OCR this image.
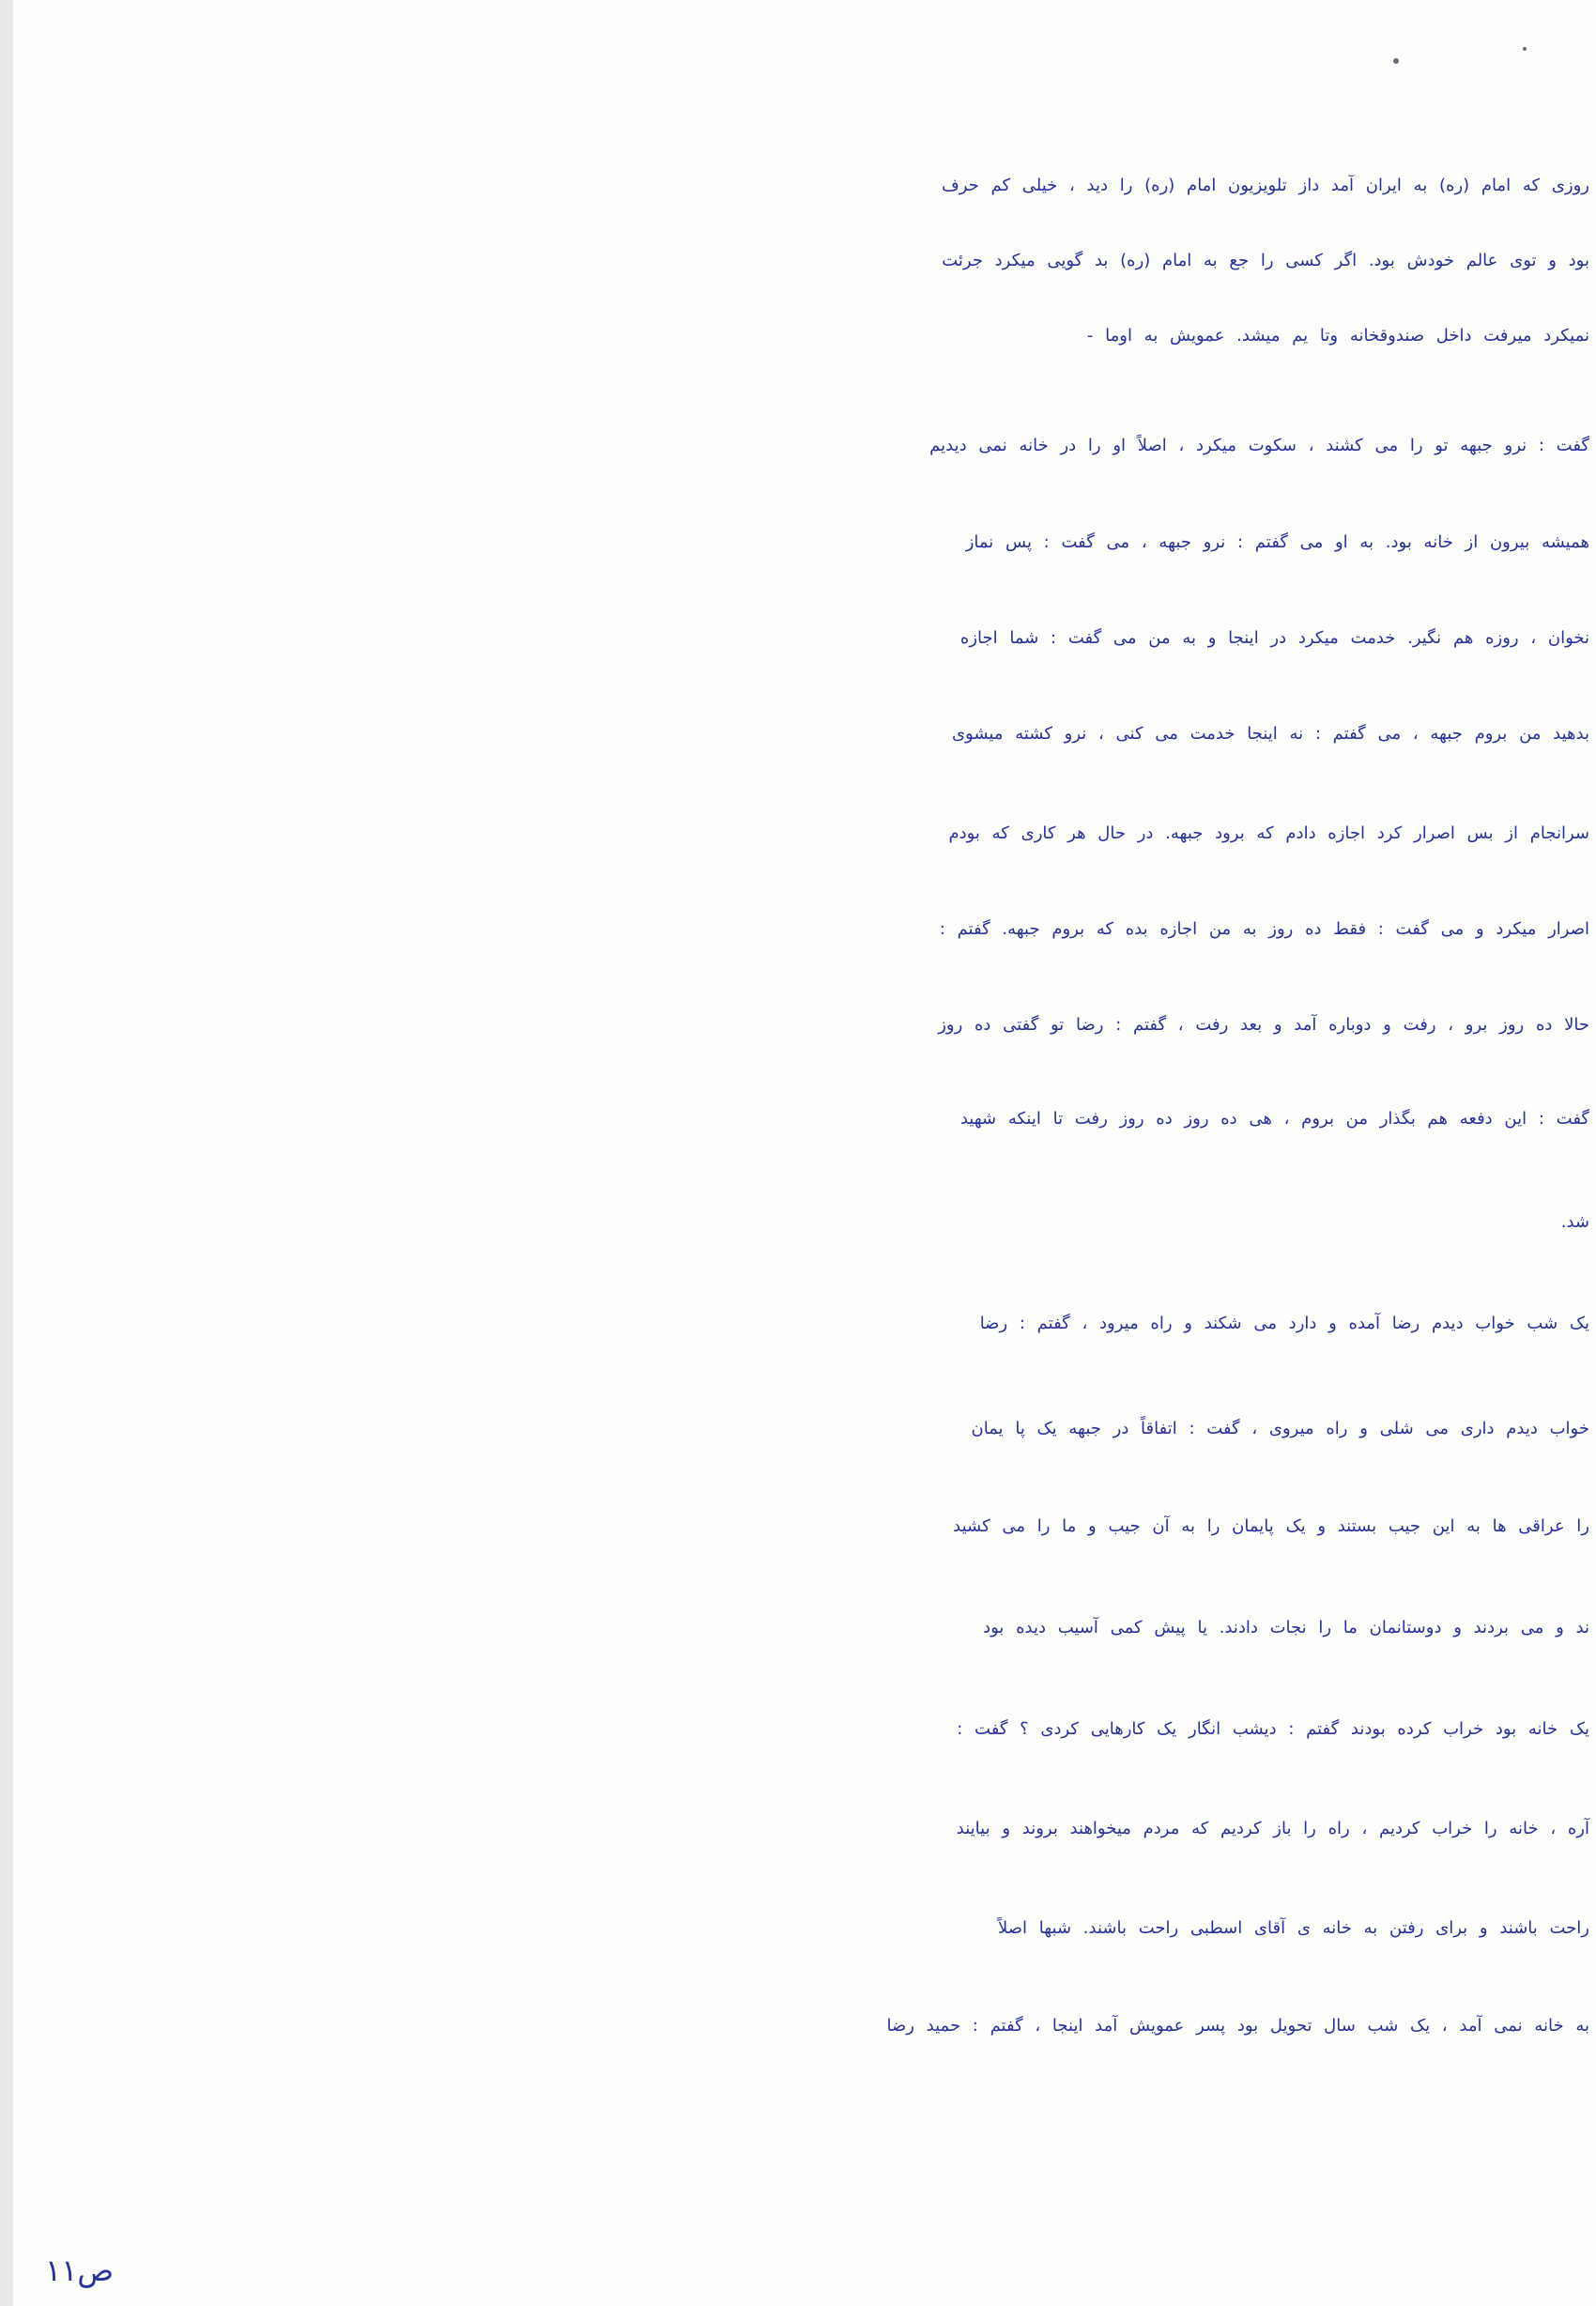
روزی که امام (ره) به ایران آمد داز تلویزیون امام (ره) را دید ، خیلی کم حرف
بود و توی عالم خودش بود. اگر کسی را جع به امام (ره) بد گویی میکرد جرئت
نمیکرد میرفت داخل صندوقخانه وتا یم میشد. عمویش به اوما -
گفت : نرو جبهه تو را می کشند ، سکوت میکرد ، اصلاً او را در خانه نمی دیدیم
همیشه بیرون از خانه بود. به او می گفتم : نرو جبهه ، می گفت : پس نماز
نخوان ، روزه هم نگیر. خدمت میکرد در اینجا و به من می گفت : شما اجازه
بدهید من بروم جبهه ، می گفتم : نه اینجا خدمت می کنی ، نرو کشته میشوی
سرانجام از بس اصرار کرد اجازه دادم که برود جبهه. در حال هر کاری که بودم
اصرار میکرد و می گفت : فقط ده روز به من اجازه بده که بروم جبهه. گفتم :
حالا ده روز برو ، رفت و دوباره آمد و بعد رفت ، گفتم : رضا تو گفتی ده روز
گفت : این دفعه هم بگذار من بروم ، هی ده روز ده روز رفت تا اینکه شهید
شد.
یک شب خواب دیدم رضا آمده و دارد می شکند و راه میرود ، گفتم : رضا
خواب دیدم داری می شلی و راه میروی ، گفت : اتفاقاً در جبهه یک پا یمان
را عراقی ها به این جیب بستند و یک پایمان را به آن جیب و ما را می کشید
ند و می بردند و دوستانمان ما را نجات دادند. یا پیش کمی آسیب دیده بود
یک خانه بود خراب کرده بودند گفتم : دیشب انگار یک کارهایی کردی ؟ گفت :
آره ، خانه را خراب کردیم ، راه را باز کردیم که مردم میخواهند بروند و بیایند
راحت باشند و برای رفتن به خانه ی آقای اسطبی راحت باشند. شبها اصلاً
به خانه نمی آمد ، یک شب سال تحویل بود پسر عمویش آمد اینجا ، گفتم : حمید رضا
ص۱۱
